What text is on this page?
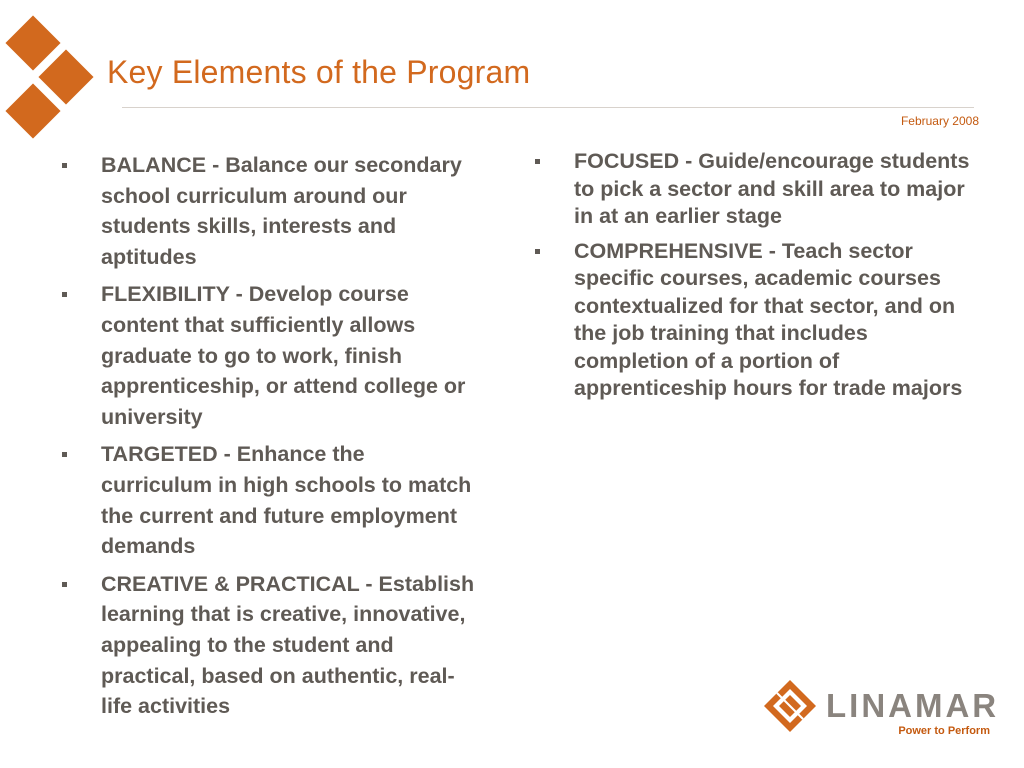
Key Elements of the Program
February 2008
BALANCE - Balance our secondary school curriculum around our students skills, interests and aptitudes
FLEXIBILITY - Develop course content that sufficiently allows graduate to go to work, finish apprenticeship, or attend college or university
TARGETED - Enhance the curriculum in high schools to match the current and future employment demands
CREATIVE & PRACTICAL - Establish learning that is creative, innovative, appealing to the student and practical, based on authentic, real-life activities
FOCUSED - Guide/encourage students to pick a sector and skill area to major in at an earlier stage
COMPREHENSIVE - Teach sector specific courses, academic courses contextualized for that sector, and on the job training that includes completion of a portion of apprenticeship hours for trade majors
LINAMAR
Power to Perform
